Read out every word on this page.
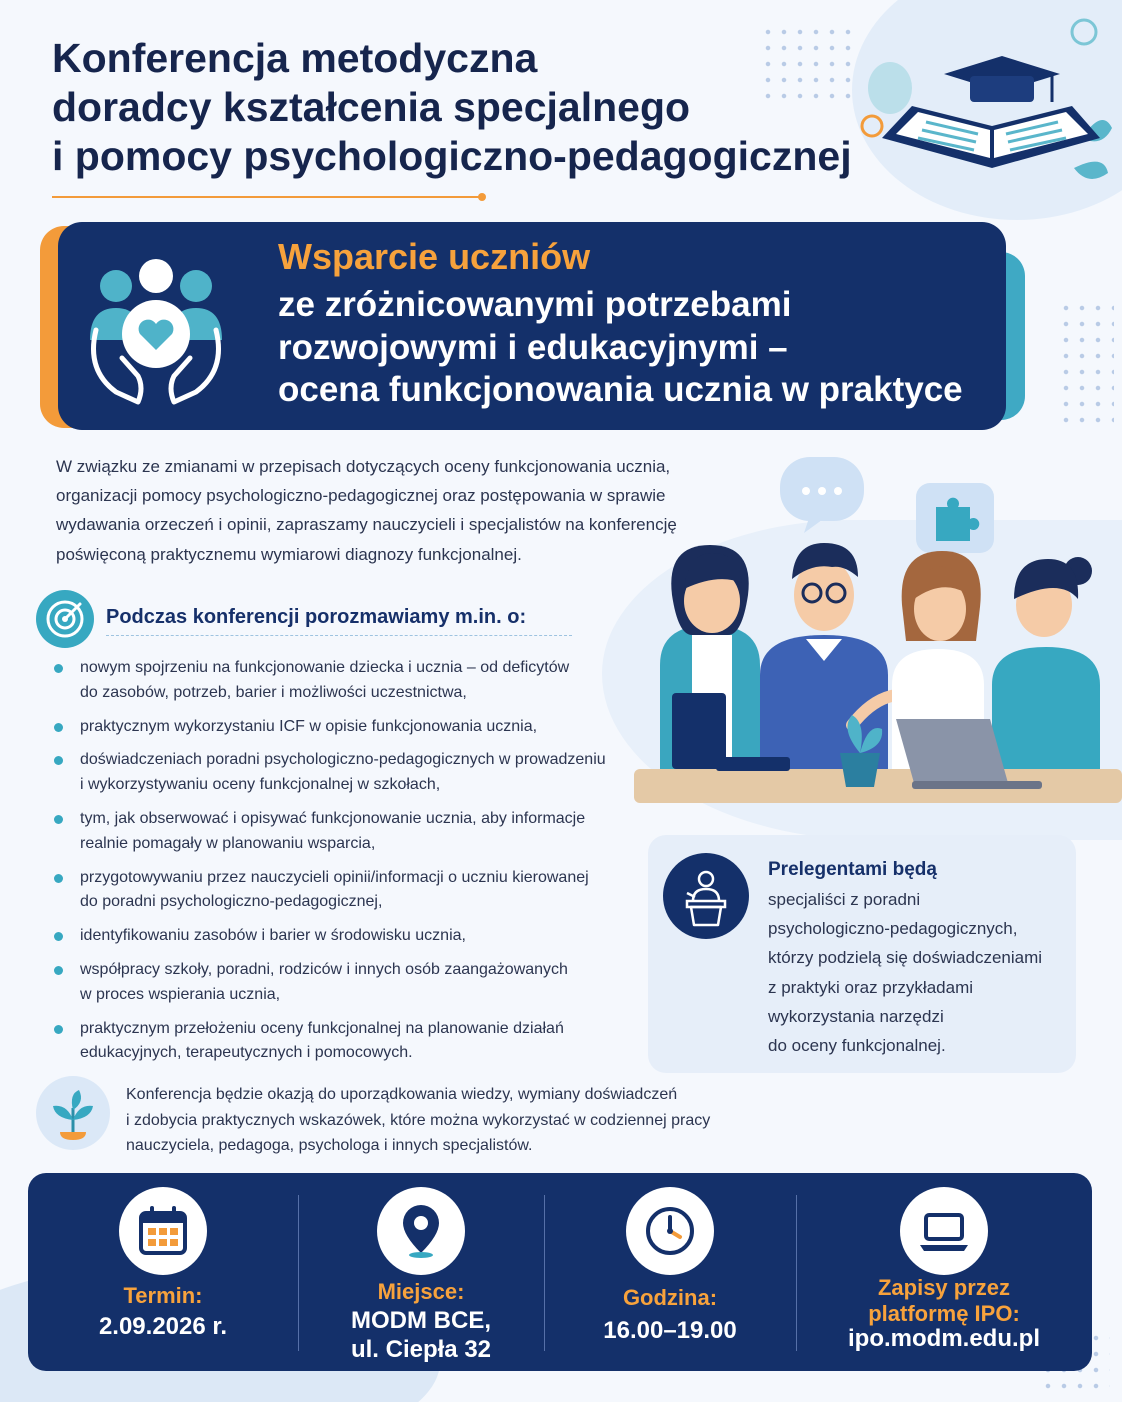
Konferencja metodyczna
doradcy kształcenia specjalnego
i pomocy psychologiczno-pedagogicznej
Wsparcie uczniów
ze zróżnicowanymi potrzebami
rozwojowymi i edukacyjnymi –
ocena funkcjonowania ucznia w praktyce

W związku ze zmianami w przepisach dotyczących oceny funkcjonowania ucznia,
organizacji pomocy psychologiczno-pedagogicznej oraz postępowania w sprawie
wydawania orzeczeń i opinii, zapraszamy nauczycieli i specjalistów na konferencję
poświęconą praktycznemu wymiarowi diagnozy funkcjonalnej.

Podczas konferencji porozmawiamy m.in. o:
nowym spojrzeniu na funkcjonowanie dziecka i ucznia – od deficytów
do zasobów, potrzeb, barier i możliwości uczestnictwa,
praktycznym wykorzystaniu ICF w opisie funkcjonowania ucznia,
doświadczeniach poradni psychologiczno-pedagogicznych w prowadzeniu
i wykorzystywaniu oceny funkcjonalnej w szkołach,
tym, jak obserwować i opisywać funkcjonowanie ucznia, aby informacje
realnie pomagały w planowaniu wsparcia,
przygotowywaniu przez nauczycieli opinii/informacji o uczniu kierowanej
do poradni psychologiczno-pedagogicznej,
identyfikowaniu zasobów i barier w środowisku ucznia,
współpracy szkoły, poradni, rodziców i innych osób zaangażowanych
w proces wspierania ucznia,
praktycznym przełożeniu oceny funkcjonalnej na planowanie działań
edukacyjnych, terapeutycznych i pomocowych.
Prelegentami będą

specjaliści z poradni
psychologiczno-pedagogicznych,
którzy podzielą się doświadczeniami
z praktyki oraz przykładami
wykorzystania narzędzi
do oceny funkcjonalnej.

Konferencja będzie okazją do uporządkowania wiedzy, wymiany doświadczeń
i zdobycia praktycznych wskazówek, które można wykorzystać w codziennej pracy
nauczyciela, pedagoga, psychologa i innych specjalistów.

Termin:
2.09.2026 r.
Miejsce:
MODM BCE,
ul. Ciepła 32
Godzina:
16.00–19.00
Zapisy przez
platformę IPO:
ipo.modm.edu.pl
